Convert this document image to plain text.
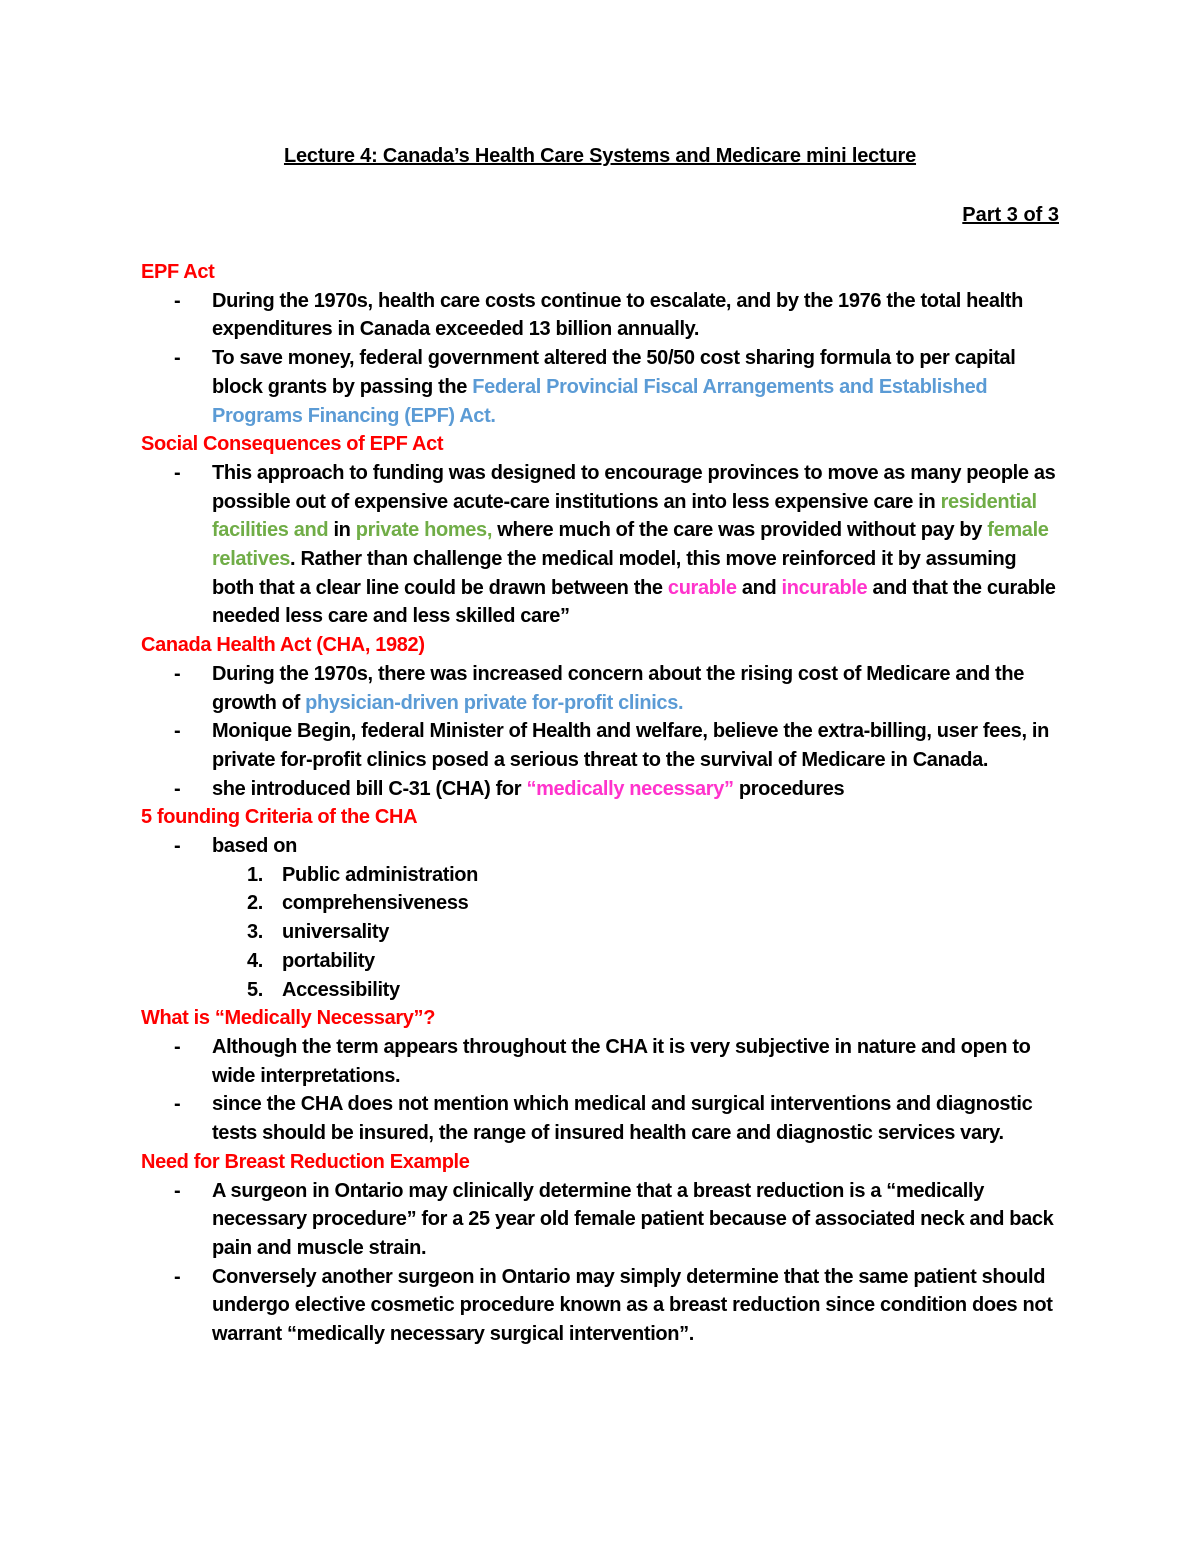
Lecture 4: Canada’s Health Care Systems and Medicare mini lecture
Part 3 of 3
EPF Act
- During the 1970s, health care costs continue to escalate, and by the 1976 the total health expenditures in Canada exceeded 13 billion annually.
- To save money, federal government altered the 50/50 cost sharing formula to per capital block grants by passing the Federal Provincial Fiscal Arrangements and Established Programs Financing (EPF) Act.
Social Consequences of EPF Act
- This approach to funding was designed to encourage provinces to move as many people as possible out of expensive acute-care institutions an into less expensive care in residential facilities and in private homes, where much of the care was provided without pay by female relatives. Rather than challenge the medical model, this move reinforced it by assuming both that a clear line could be drawn between the curable and incurable and that the curable needed less care and less skilled care”
Canada Health Act (CHA, 1982)
- During the 1970s, there was increased concern about the rising cost of Medicare and the growth of physician-driven private for-profit clinics.
- Monique Begin, federal Minister of Health and welfare, believe the extra-billing, user fees, in private for-profit clinics posed a serious threat to the survival of Medicare in Canada.
- she introduced bill C-31 (CHA) for “medically necessary” procedures
5 founding Criteria of the CHA
- based on
1. Public administration
2. comprehensiveness
3. universality
4. portability
5. Accessibility
What is “Medically Necessary”?
- Although the term appears throughout the CHA it is very subjective in nature and open to wide interpretations.
- since the CHA does not mention which medical and surgical interventions and diagnostic tests should be insured, the range of insured health care and diagnostic services vary.
Need for Breast Reduction Example
- A surgeon in Ontario may clinically determine that a breast reduction is a “medically necessary procedure” for a 25 year old female patient because of associated neck and back pain and muscle strain.
- Conversely another surgeon in Ontario may simply determine that the same patient should undergo elective cosmetic procedure known as a breast reduction since condition does not warrant “medically necessary surgical intervention”.
